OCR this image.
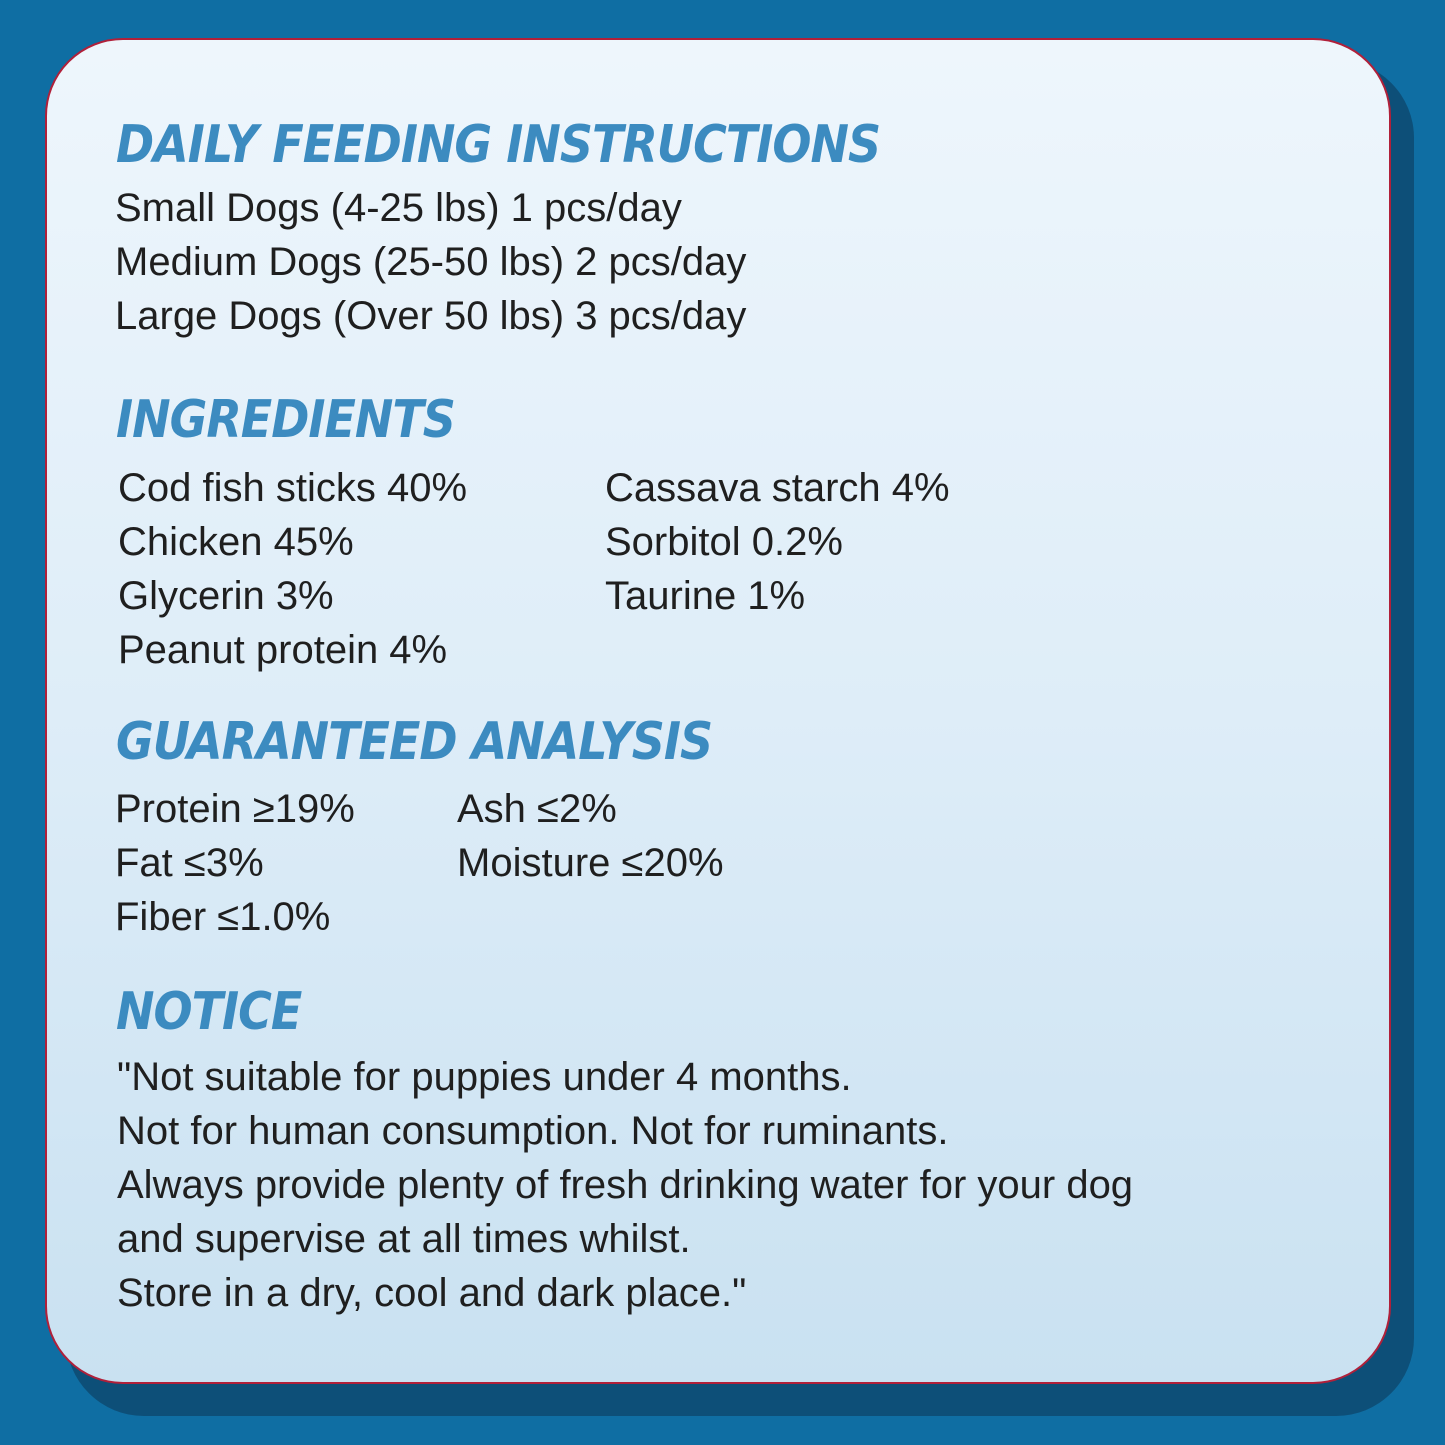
DAILY FEEDING INSTRUCTIONS
Small Dogs (4-25 lbs) 1 pcs/day
Medium Dogs (25-50 lbs) 2 pcs/day
Large Dogs (Over 50 lbs) 3 pcs/day
INGREDIENTS
Cod fish sticks 40%
Chicken 45%
Glycerin 3%
Peanut protein 4%
Cassava starch 4%
Sorbitol 0.2%
Taurine 1%
GUARANTEED ANALYSIS
Protein ≥19%
Fat ≤3%
Fiber ≤1.0%
Ash ≤2%
Moisture ≤20%
NOTICE
"Not suitable for puppies under 4 months.
Not for human consumption. Not for ruminants.
Always provide plenty of fresh drinking water for your dog
and supervise at all times whilst.
Store in a dry, cool and dark place."
